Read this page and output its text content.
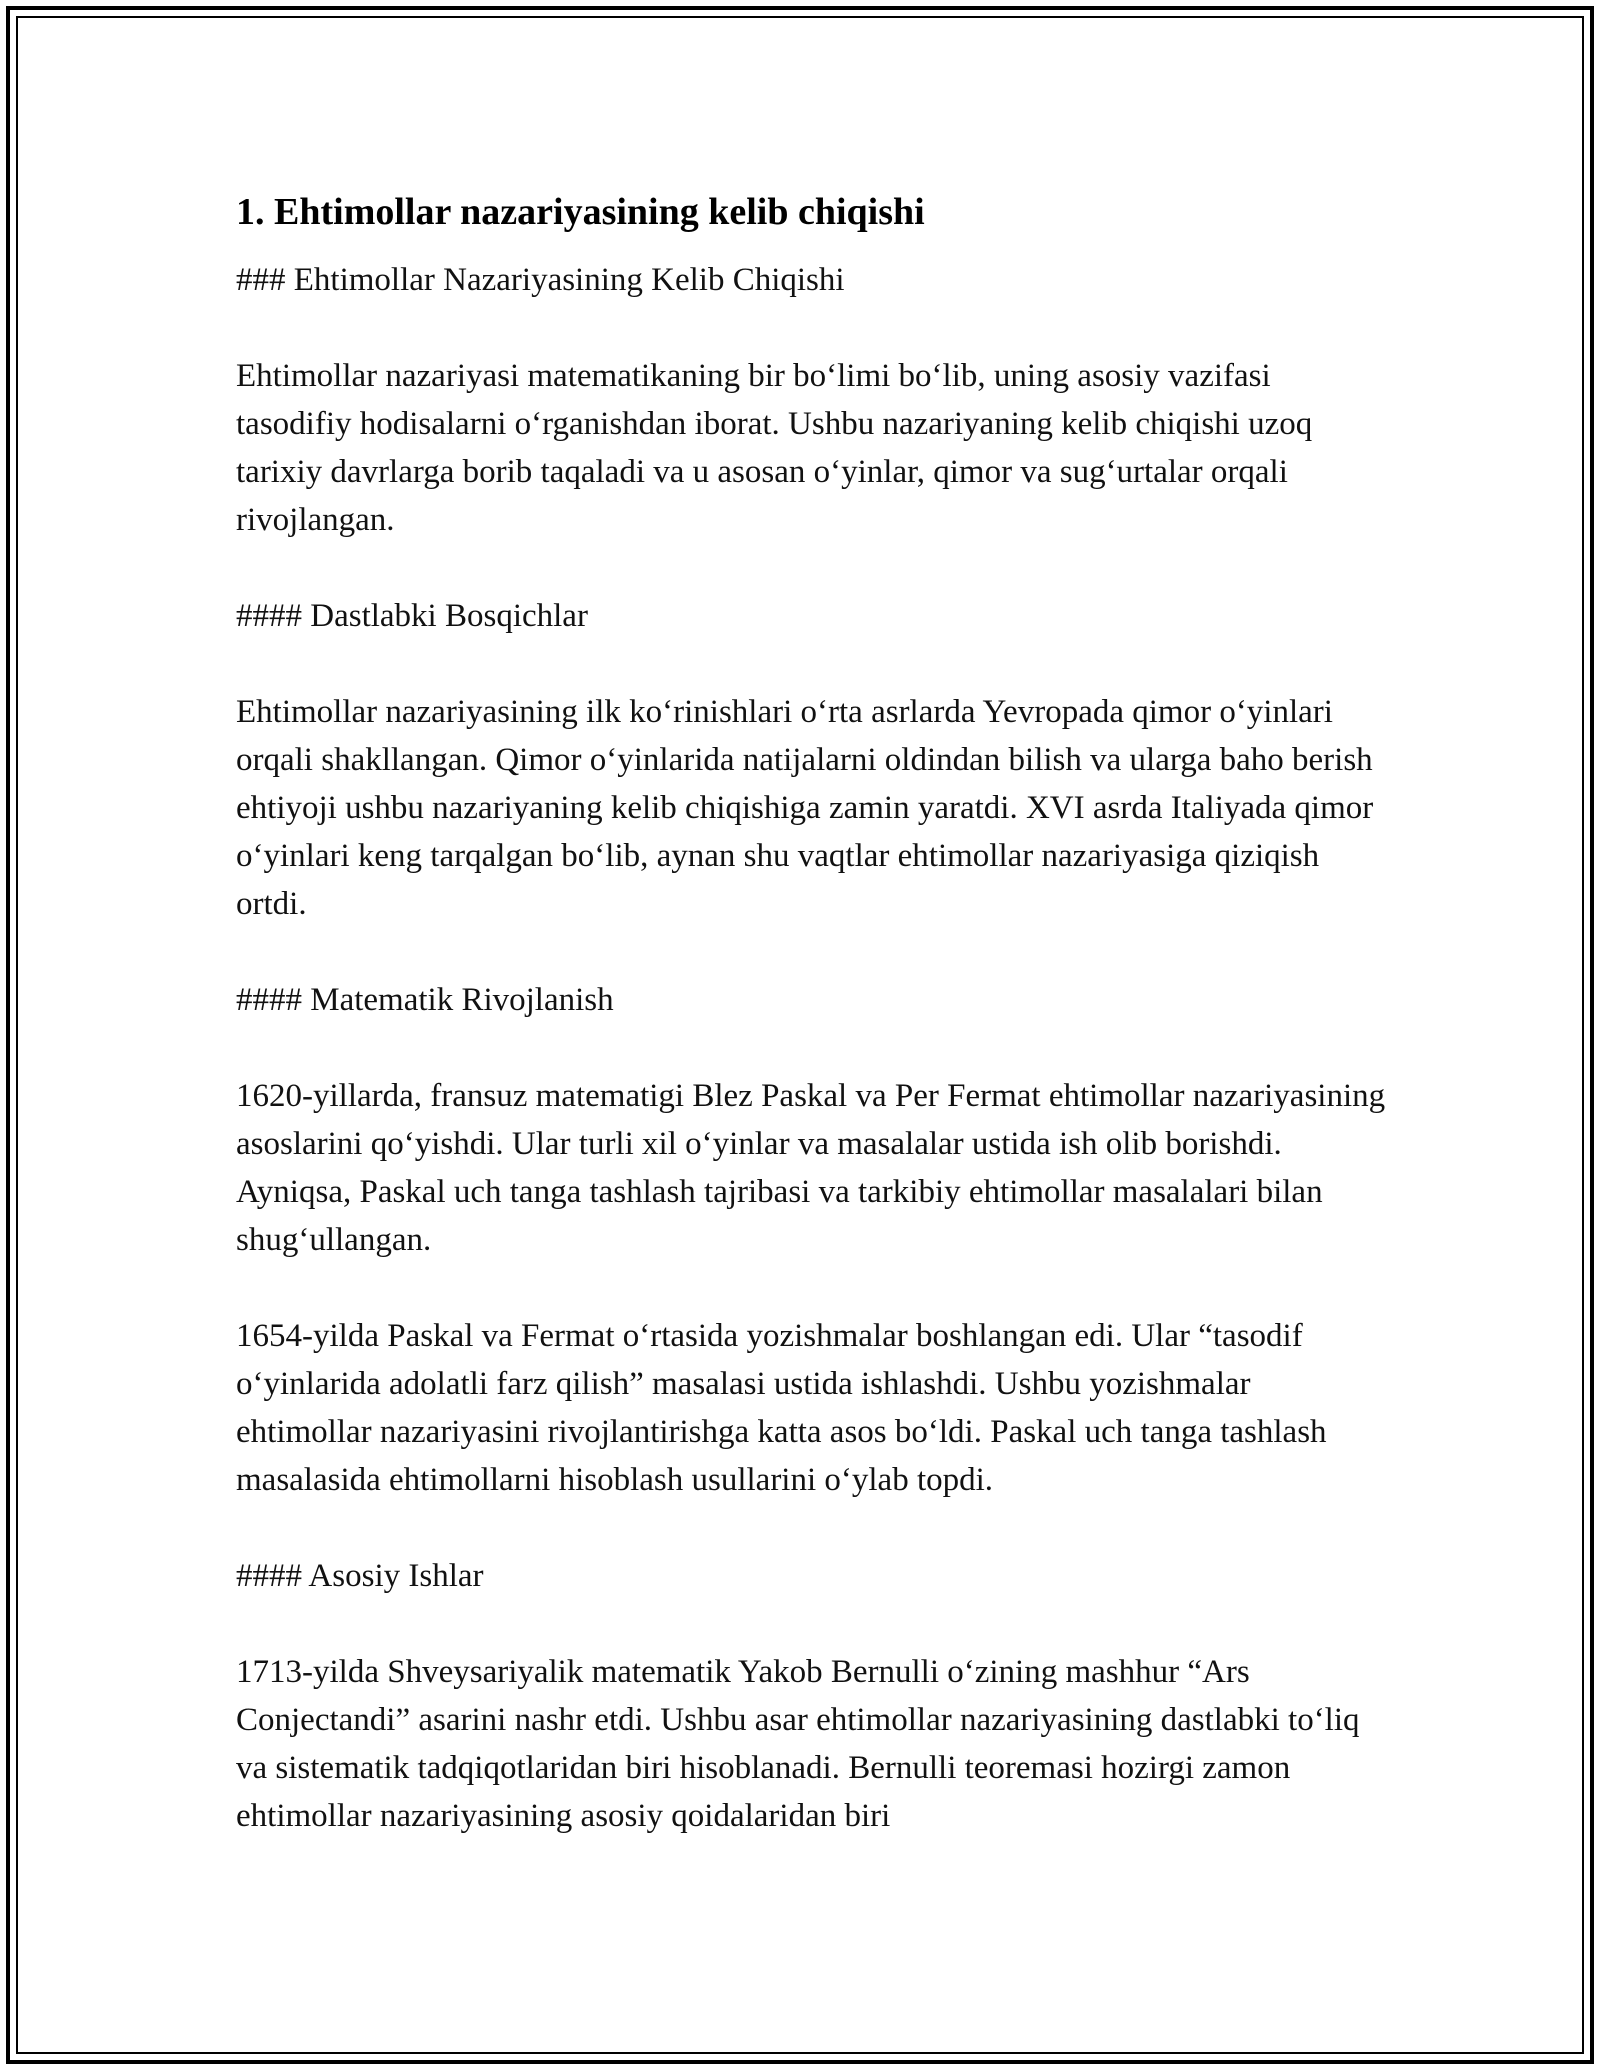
1. Ehtimollar nazariyasining kelib chiqishi

### Ehtimollar Nazariyasining Kelib Chiqishi

Ehtimollar nazariyasi matematikaning bir bo‘limi bo‘lib, uning asosiy vazifasi tasodifiy hodisalarni o‘rganishdan iborat. Ushbu nazariyaning kelib chiqishi uzoq tarixiy davrlarga borib taqaladi va u asosan o‘yinlar, qimor va sug‘urtalar orqali rivojlangan.

#### Dastlabki Bosqichlar

Ehtimollar nazariyasining ilk ko‘rinishlari o‘rta asrlarda Yevropada qimor o‘yinlari orqali shakllangan. Qimor o‘yinlarida natijalarni oldindan bilish va ularga baho berish ehtiyoji ushbu nazariyaning kelib chiqishiga zamin yaratdi. XVI asrda Italiyada qimor o‘yinlari keng tarqalgan bo‘lib, aynan shu vaqtlar ehtimollar nazariyasiga qiziqish ortdi.

#### Matematik Rivojlanish

1620-yillarda, fransuz matematigi Blez Paskal va Per Fermat ehtimollar nazariyasining asoslarini qo‘yishdi. Ular turli xil o‘yinlar va masalalar ustida ish olib borishdi. Ayniqsa, Paskal uch tanga tashlash tajribasi va tarkibiy ehtimollar masalalari bilan shug‘ullangan.

1654-yilda Paskal va Fermat o‘rtasida yozishmalar boshlangan edi. Ular “tasodif o‘yinlarida adolatli farz qilish” masalasi ustida ishlashdi. Ushbu yozishmalar ehtimollar nazariyasini rivojlantirishga katta asos bo‘ldi. Paskal uch tanga tashlash masalasida ehtimollarni hisoblash usullarini o‘ylab topdi.

#### Asosiy Ishlar

1713-yilda Shveysariyalik matematik Yakob Bernulli o‘zining mashhur “Ars Conjectandi” asarini nashr etdi. Ushbu asar ehtimollar nazariyasining dastlabki to‘liq va sistematik tadqiqotlaridan biri hisoblanadi. Bernulli teoremasi hozirgi zamon ehtimollar nazariyasining asosiy qoidalaridan biri
